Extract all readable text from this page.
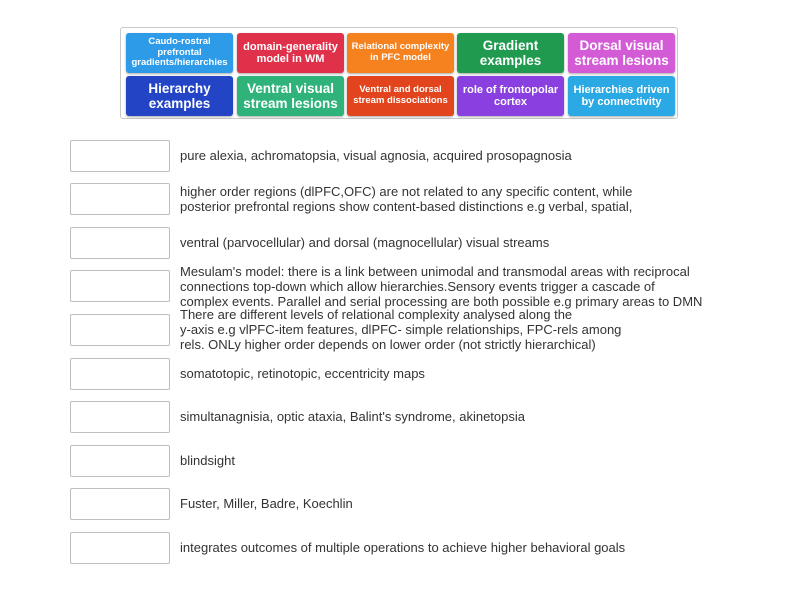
Caudo-rostral prefrontal gradients/hierarchies
domain-generality model in WM
Relational complexity in PFC model
Gradient examples
Dorsal visual stream lesions
Hierarchy examples
Ventral visual stream lesions
Ventral and dorsal stream dissociations
role of frontopolar cortex
Hierarchies driven by connectivity
pure alexia, achromatopsia, visual agnosia, acquired prosopagnosia
higher order regions (dlPFC,OFC) are not related to any specific content, while
posterior prefrontal regions show content-based distinctions e.g verbal, spatial,
ventral (parvocellular) and dorsal (magnocellular) visual streams
Mesulam's model: there is a link between unimodal and transmodal areas with reciprocal
connections top-down which allow hierarchies.Sensory events trigger a cascade of
complex events. Parallel and serial processing are both possible e.g primary areas to DMN
There are different levels of relational complexity analysed along the
y-axis e.g vlPFC-item features, dlPFC- simple relationships, FPC-rels among
rels. ONLy higher order depends on lower order (not strictly hierarchical)
somatotopic, retinotopic, eccentricity maps
simultanagnisia, optic ataxia, Balint's syndrome, akinetopsia
blindsight
Fuster, Miller, Badre, Koechlin
integrates outcomes of multiple operations to achieve higher behavioral goals
